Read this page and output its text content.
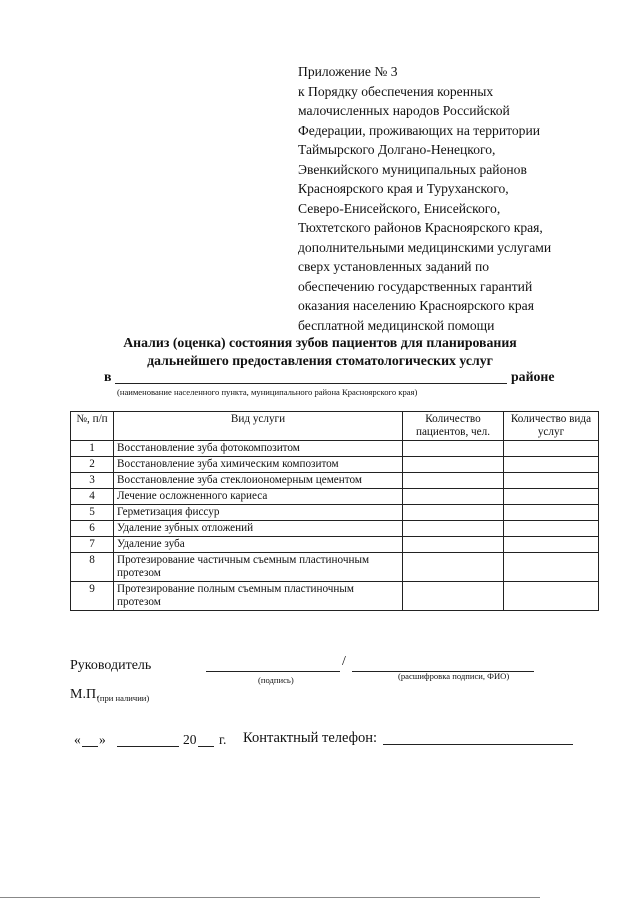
Приложение № 3
к Порядку обеспечения коренных
малочисленных народов Российской
Федерации, проживающих на территории
Таймырского Долгано-Ненецкого,
Эвенкийского муниципальных районов
Красноярского края и Туруханского,
Северо-Енисейского, Енисейского,
Тюхтетского районов Красноярского края,
дополнительными медицинскими услугами
сверх установленных заданий по
обеспечению государственных гарантий
оказания населению Красноярского края
бесплатной медицинской помощи
Анализ (оценка) состояния зубов пациентов для планирования
дальнейшего предоставления стоматологических услуг
в	районе
(наименование населенного пункта, муниципального района Красноярского края)
№, п/п	Вид услуги	Количество пациентов, чел.	Количество вида услуг
1	Восстановление зуба фотокомпозитом		
2	Восстановление зуба химическим композитом		
3	Восстановление зуба стеклоиономерным цементом		
4	Лечение осложненного кариеса		
5	Герметизация фиссур		
6	Удаление зубных отложений		
7	Удаление зуба		
8	Протезирование частичным съемным пластиночным протезом		
9	Протезирование полным съемным пластиночным протезом		
Руководитель	/
(подпись)	(расшифровка подписи, ФИО)
М.П.
(при наличии)
« »	20 г. Контактный телефон:
